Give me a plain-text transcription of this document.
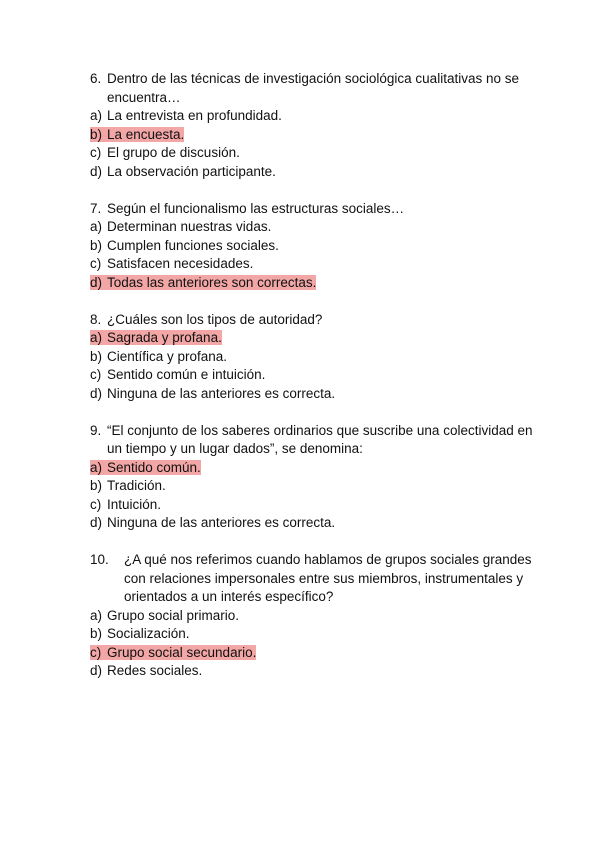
6. Dentro de las técnicas de investigación sociológica cualitativas no se encuentra…
a) La entrevista en profundidad.
b) La encuesta.
c) El grupo de discusión.
d) La observación participante.
7. Según el funcionalismo las estructuras sociales…
a) Determinan nuestras vidas.
b) Cumplen funciones sociales.
c) Satisfacen necesidades.
d) Todas las anteriores son correctas.
8. ¿Cuáles son los tipos de autoridad?
a) Sagrada y profana.
b) Científica y profana.
c) Sentido común e intuición.
d) Ninguna de las anteriores es correcta.
9. “El conjunto de los saberes ordinarios que suscribe una colectividad en un tiempo y un lugar dados”, se denomina:
a) Sentido común.
b) Tradición.
c) Intuición.
d) Ninguna de las anteriores es correcta.
10.	¿A qué nos referimos cuando hablamos de grupos sociales grandes con relaciones impersonales entre sus miembros, instrumentales y orientados a un interés específico?
a) Grupo social primario.
b) Socialización.
c) Grupo social secundario.
d) Redes sociales.
